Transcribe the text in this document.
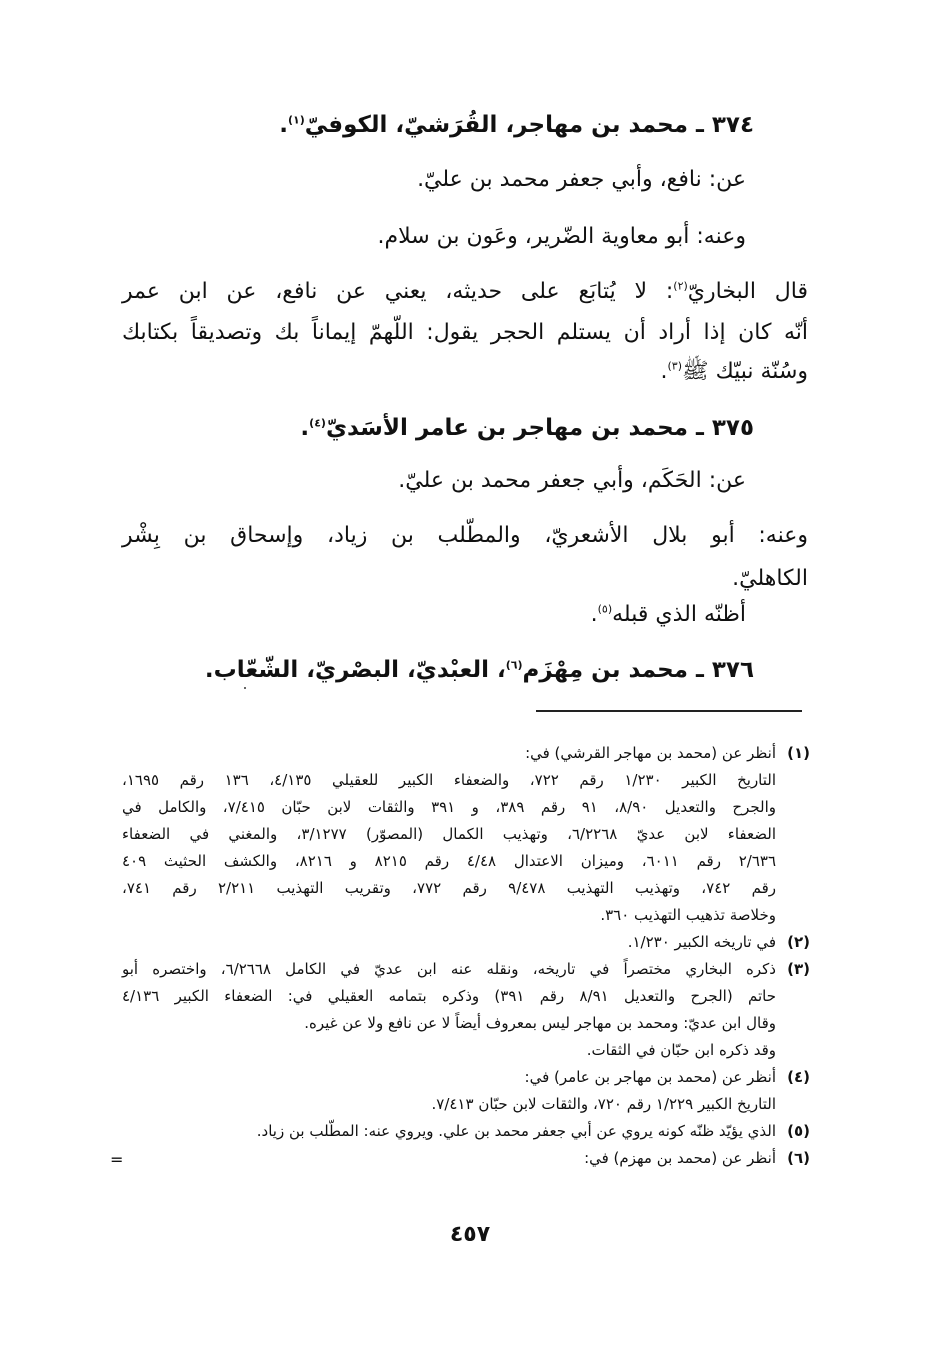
٣٧٤ ـ محمد بن مهاجر، القُرَشيّ، الكوفيّ$^{(١)}$.
عن: نافع، وأبي جعفر محمد بن عليّ.
وعنه: أبو معاوية الضّرير، وعَون بن سلام.
قال البخاريّ$^{(٢)}$: لا يُتابَع على حديثه، يعني عن نافع، عن ابن عمر
أنّه كان إذا أراد أن يستلم الحجر يقول: اللّهمّ إيماناً بك وتصديقاً بكتابك
وسُنّة نبيّك ﷺ$^{(٣)}$.
٣٧٥ ـ محمد بن مهاجر بن عامر الأسَديّ$^{(٤)}$.
عن: الحَكَم، وأبي جعفر محمد بن عليّ.
وعنه: أبو بلال الأشعريّ، والمطّلب بن زياد، وإسحاق بن بِشْر
الكاهليّ.
أظنّه الذي قبله$^{(٥)}$.
٣٧٦ ـ محمد بن مِهْزَم$^{(٦)}$، العبْديّ، البصْريّ، الشّعّاب.
(١)أنظر عن (محمد بن مهاجر القرشي) في:
التاريخ الكبير ١/٢٣٠ رقم ٧٢٢، والضعفاء الكبير للعقيلي ٤/١٣٥، ١٣٦ رقم ١٦٩٥،
والجرح والتعديل ٨/٩٠، ٩١ رقم ٣٨٩، و ٣٩١ والثقات لابن حبّان ٧/٤١٥، والكامل في
الضعفاء لابن عديّ ٦/٢٢٦٨، وتهذيب الكمال (المصوّر) ٣/١٢٧٧، والمغني في الضعفاء
٢/٦٣٦ رقم ٦٠١١، وميزان الاعتدال ٤/٤٨ رقم ٨٢١٥ و ٨٢١٦، والكشف الحثيث ٤٠٩
رقم ٧٤٢، وتهذيب التهذيب ٩/٤٧٨ رقم ٧٧٢، وتقريب التهذيب ٢/٢١١ رقم ٧٤١،
وخلاصة تذهيب التهذيب ٣٦٠.
(٢)في تاريخه الكبير ١/٢٣٠.
(٣)ذكره البخاري مختصراً في تاريخه، ونقله عنه ابن عديّ في الكامل ٦/٢٦٦٨، واختصره أبو
حاتم (الجرح والتعديل ٨/٩١ رقم ٣٩١) وذكره بتمامه العقيلي في: الضعفاء الكبير ٤/١٣٦
وقال ابن عديّ: ومحمد بن مهاجر ليس بمعروف أيضاً لا عن نافع ولا عن غيره.
وقد ذكره ابن حبّان في الثقات.
(٤)أنظر عن (محمد بن مهاجر بن عامر) في:
التاريخ الكبير ١/٢٢٩ رقم ٧٢٠، والثقات لابن حبّان ٧/٤١٣.
(٥)الذي يؤيّد ظنّه كونه يروي عن أبي جعفر محمد بن علي. ويروي عنه: المطّلب بن زياد.
(٦)أنظر عن (محمد بن مهزم) في:
=
٤٥٧
